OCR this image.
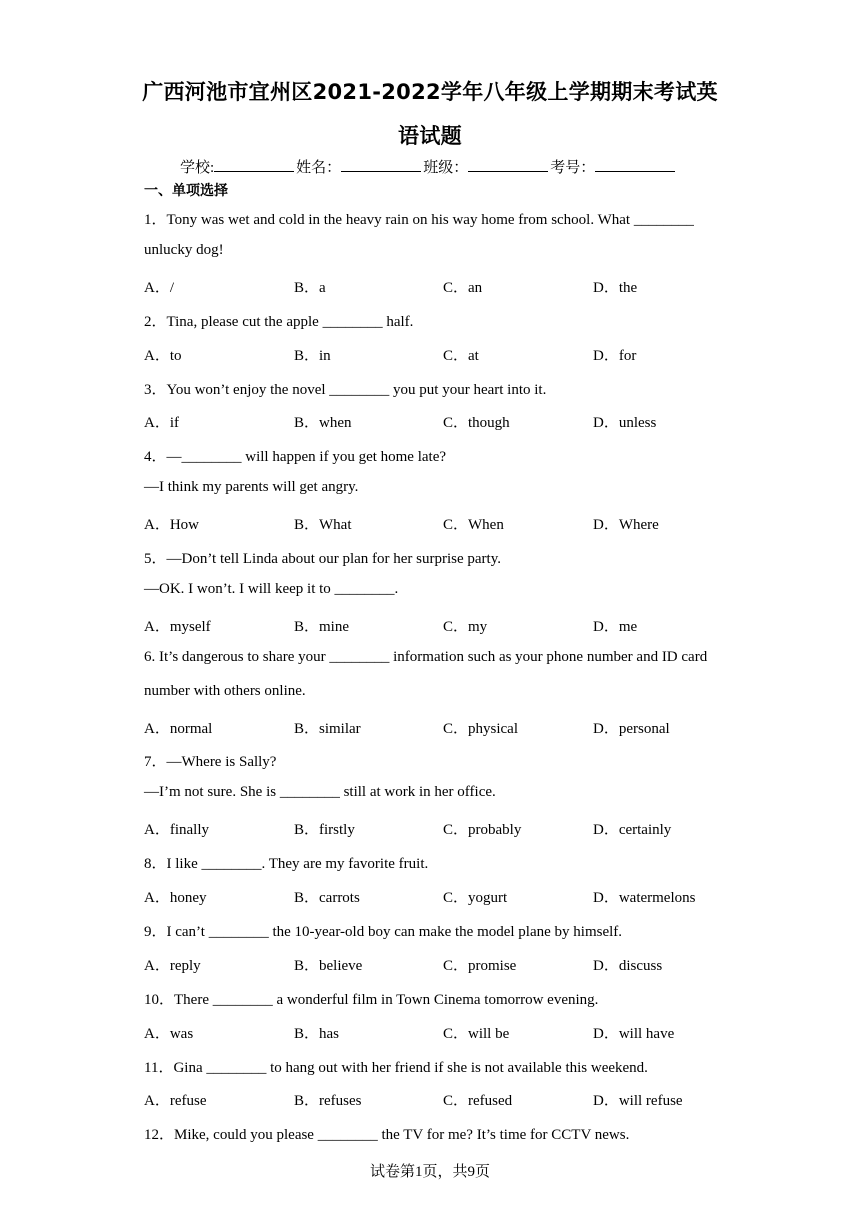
广西河池市宜州区2021-2022学年八年级上学期期末考试英
语试题
学校:	姓名：	班级：	考号：
一、单项选择
1．Tony was wet and cold in the heavy rain on his way home from school. What ________
unlucky dog!
A．/	B．a	C．an	D．the
2．Tina, please cut the apple ________ half.
A．to	B．in	C．at	D．for
3．You won’t enjoy the novel ________ you put your heart into it.
A．if	B．when	C．though	D．unless
4．—________ will happen if you get home late?
—I think my parents will get angry.
A．How	B．What	C．When	D．Where
5．—Don’t tell Linda about our plan for her surprise party.
—OK. I won’t. I will keep it to ________.
A．myself	B．mine	C．my	D．me
6. It’s dangerous to share your ________ information such as your phone number and ID card
number with others online.
A．normal	B．similar	C．physical	D．personal
7．—Where is Sally?
—I’m not sure. She is ________ still at work in her office.
A．finally	B．firstly	C．probably	D．certainly
8．I like ________. They are my favorite fruit.
A．honey	B．carrots	C．yogurt	D．watermelons
9．I can’t ________ the 10-year-old boy can make the model plane by himself.
A．reply	B．believe	C．promise	D．discuss
10．There ________ a wonderful film in Town Cinema tomorrow evening.
A．was	B．has	C．will be	D．will have
11．Gina ________ to hang out with her friend if she is not available this weekend.
A．refuse	B．refuses	C．refused	D．will refuse
12．Mike, could you please ________ the TV for me? It’s time for CCTV news.
试卷第1页，共9页
